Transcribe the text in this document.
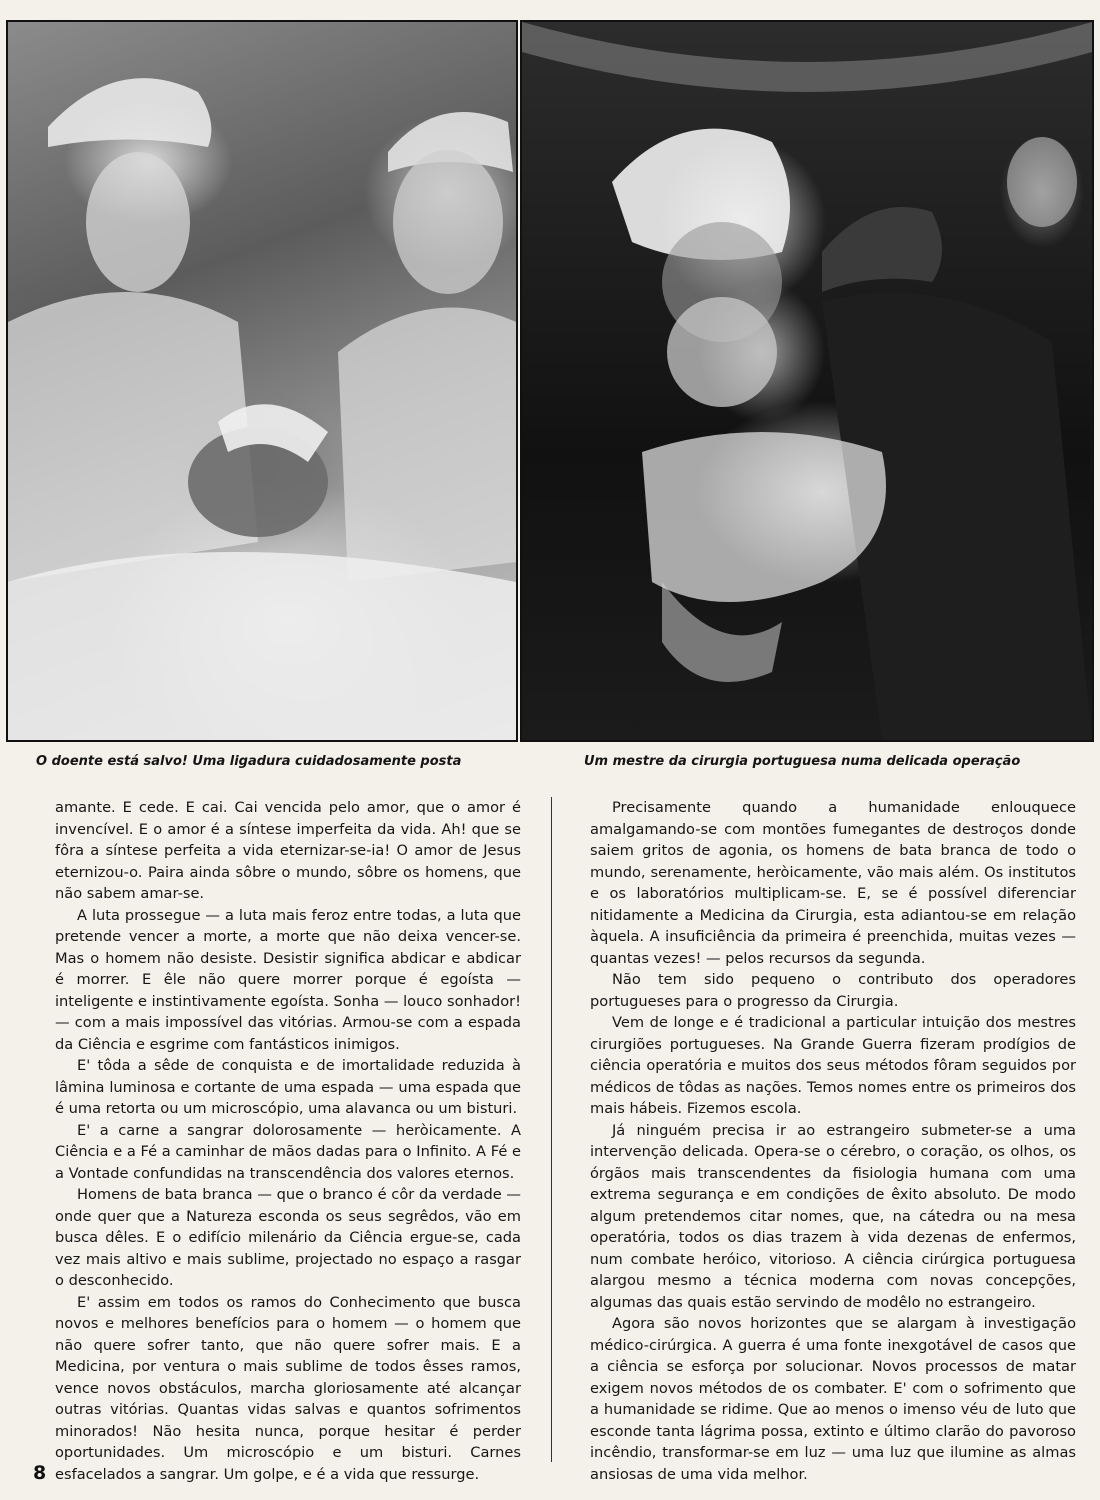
O doente está salvo! Uma ligadura cuidadosamente posta	Um mestre da cirurgia portuguesa numa delicada operação

amante. E cede. E cai. Cai vencida pelo amor, que o amor é invencível. E o amor é a síntese imperfeita da vida. Ah! que se fôra a síntese perfeita a vida eternizar-se-ia! O amor de Jesus eternizou-o. Paira ainda sôbre o mundo, sôbre os homens, que não sabem amar-se.

A luta prossegue — a luta mais feroz entre todas, a luta que pretende vencer a morte, a morte que não deixa vencer-se. Mas o homem não desiste. Desistir significa abdicar e abdicar é morrer. E êle não quere morrer porque é egoísta — inteligente e instintivamente egoísta. Sonha — louco sonhador! — com a mais impossível das vitórias. Armou-se com a espada da Ciência e esgrime com fantásticos inimigos.

E' tôda a sêde de conquista e de imortalidade reduzida à lâmina luminosa e cortante de uma espada — uma espada que é uma retorta ou um microscópio, uma alavanca ou um bisturi.

E' a carne a sangrar dolorosamente — heròicamente. A Ciência e a Fé a caminhar de mãos dadas para o Infinito. A Fé e a Vontade confundidas na transcendência dos valores eternos.

Homens de bata branca — que o branco é côr da verdade — onde quer que a Natureza esconda os seus segrêdos, vão em busca dêles. E o edifício milenário da Ciência ergue-se, cada vez mais altivo e mais sublime, projectado no espaço a rasgar o desconhecido.

E' assim em todos os ramos do Conhecimento que busca novos e melhores benefícios para o homem — o homem que não quere sofrer tanto, que não quere sofrer mais. E a Medicina, por ventura o mais sublime de todos êsses ramos, vence novos obstáculos, marcha gloriosamente até alcançar outras vitórias. Quantas vidas salvas e quantos sofrimentos minorados! Não hesita nunca, porque hesitar é perder oportunidades. Um microscópio e um bisturi. Carnes esfacelados a sangrar. Um golpe, e é a vida que ressurge.

Precisamente quando a humanidade enlouquece amalgamando-se com montões fumegantes de destroços donde saiem gritos de agonia, os homens de bata branca de todo o mundo, serenamente, heròicamente, vão mais além. Os institutos e os laboratórios multiplicam-se. E, se é possível diferenciar nitidamente a Medicina da Cirurgia, esta adiantou-se em relação àquela. A insuficiência da primeira é preenchida, muitas vezes — quantas vezes! — pelos recursos da segunda.

Não tem sido pequeno o contributo dos operadores portugueses para o progresso da Cirurgia.

Vem de longe e é tradicional a particular intuição dos mestres cirurgiões portugueses. Na Grande Guerra fizeram prodígios de ciência operatória e muitos dos seus métodos fôram seguidos por médicos de tôdas as nações. Temos nomes entre os primeiros dos mais hábeis. Fizemos escola.

Já ninguém precisa ir ao estrangeiro submeter-se a uma intervenção delicada. Opera-se o cérebro, o coração, os olhos, os órgãos mais transcendentes da fisiologia humana com uma extrema segurança e em condições de êxito absoluto. De modo algum pretendemos citar nomes, que, na cátedra ou na mesa operatória, todos os dias trazem à vida dezenas de enfermos, num combate heróico, vitorioso. A ciência cirúrgica portuguesa alargou mesmo a técnica moderna com novas concepções, algumas das quais estão servindo de modêlo no estrangeiro.

Agora são novos horizontes que se alargam à investigação médico-cirúrgica. A guerra é uma fonte inexgotável de casos que a ciência se esforça por solucionar. Novos processos de matar exigem novos métodos de os combater. E' com o sofrimento que a humanidade se ridime. Que ao menos o imenso véu de luto que esconde tanta lágrima possa, extinto e último clarão do pavoroso incêndio, transformar-se em luz — uma luz que ilumine as almas ansiosas de uma vida melhor.

8
